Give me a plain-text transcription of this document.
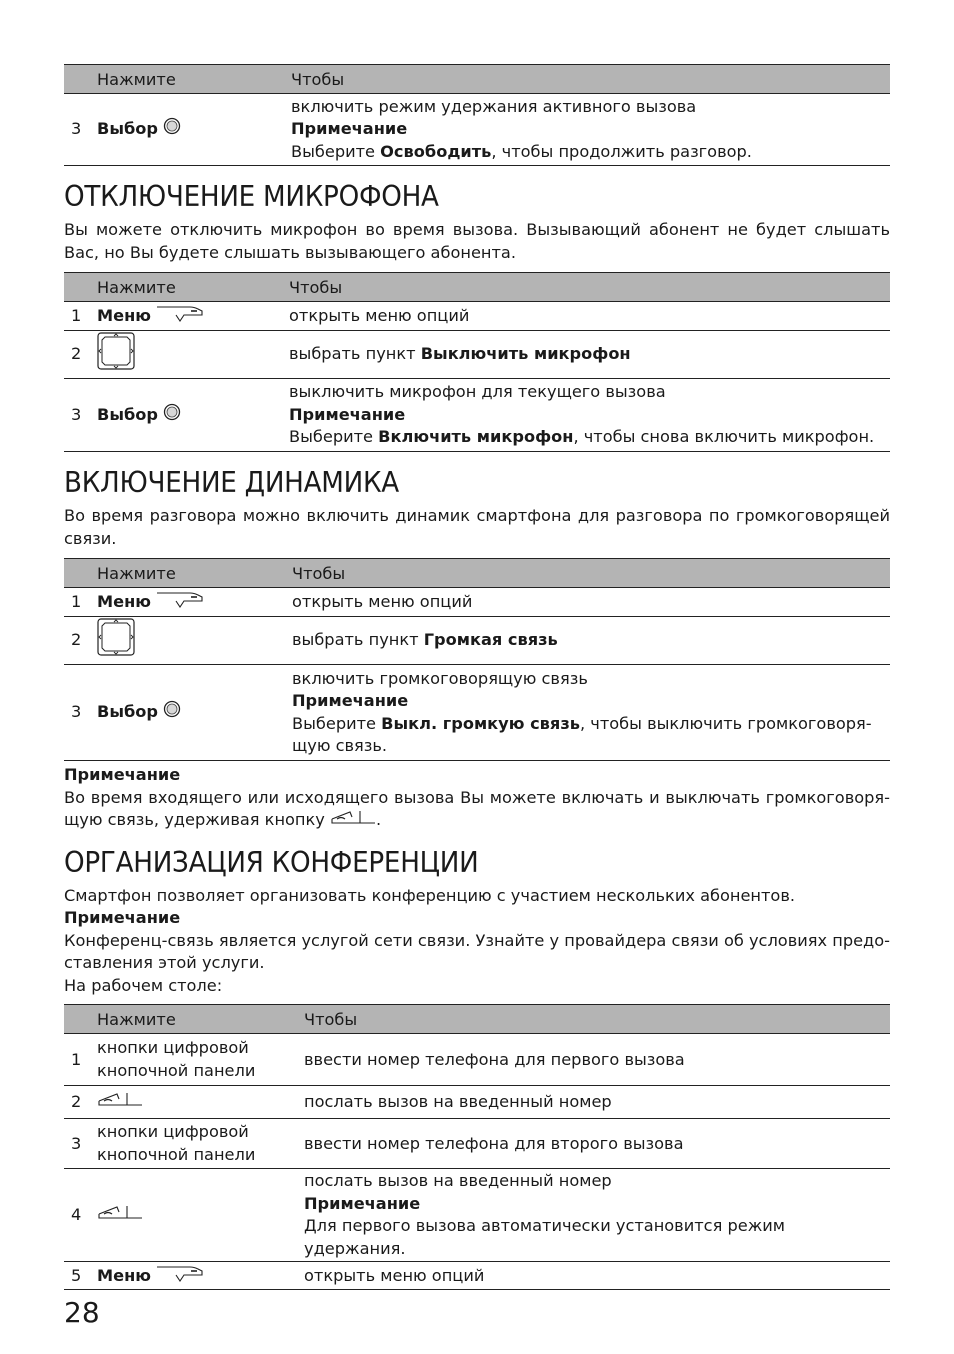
	Нажмите	Чтобы
3	Выбор	включить режим удержания активного вызова
Примечание
Выберите Освободить, чтобы продолжить разговор.
ОТКЛЮЧЕНИЕ МИКРОФОНА

Вы можете отключить микрофон во время вызова. Вызывающий абонент не будет слышать Вас, но Вы будете слышать вызывающего абонента.

	Нажмите	Чтобы
1	Меню	открыть меню опций
2		выбрать пункт Выключить микрофон
3	Выбор	выключить микрофон для текущего вызова
Примечание
Выберите Включить микрофон, чтобы снова включить микрофон.
ВКЛЮЧЕНИЕ ДИНАМИКА

Во время разговора можно включить динамик смартфона для разговора по громкоговорящей связи.

	Нажмите	Чтобы
1	Меню	открыть меню опций
2		выбрать пункт Громкая связь
3	Выбор	включить громкоговорящую связь
Примечание
Выберите Выкл. громкую связь, чтобы выключить громкоговоря-щую связь.

Примечание

Во время входящего или исходящего вызова Вы можете включать и выключать громкоговоря-щую связь, удерживая кнопку	.

ОРГАНИЗАЦИЯ КОНФЕРЕНЦИИ

Смартфон позволяет организовать конференцию с участием нескольких абонентов.

Примечание

Конференц-связь является услугой сети связи. Узнайте у провайдера связи об условиях предо-ставления этой услуги.

На рабочем столе:

	Нажмите	Чтобы
1	кнопки цифровой кнопочной панели	ввести номер телефона для первого вызова
2		послать вызов на введенный номер
3	кнопки цифровой кнопочной панели	ввести номер телефона для второго вызова
4		послать вызов на введенный номер
Примечание
Для первого вызова автоматически установится режим удержания.

5	Меню	открыть меню опций
28
